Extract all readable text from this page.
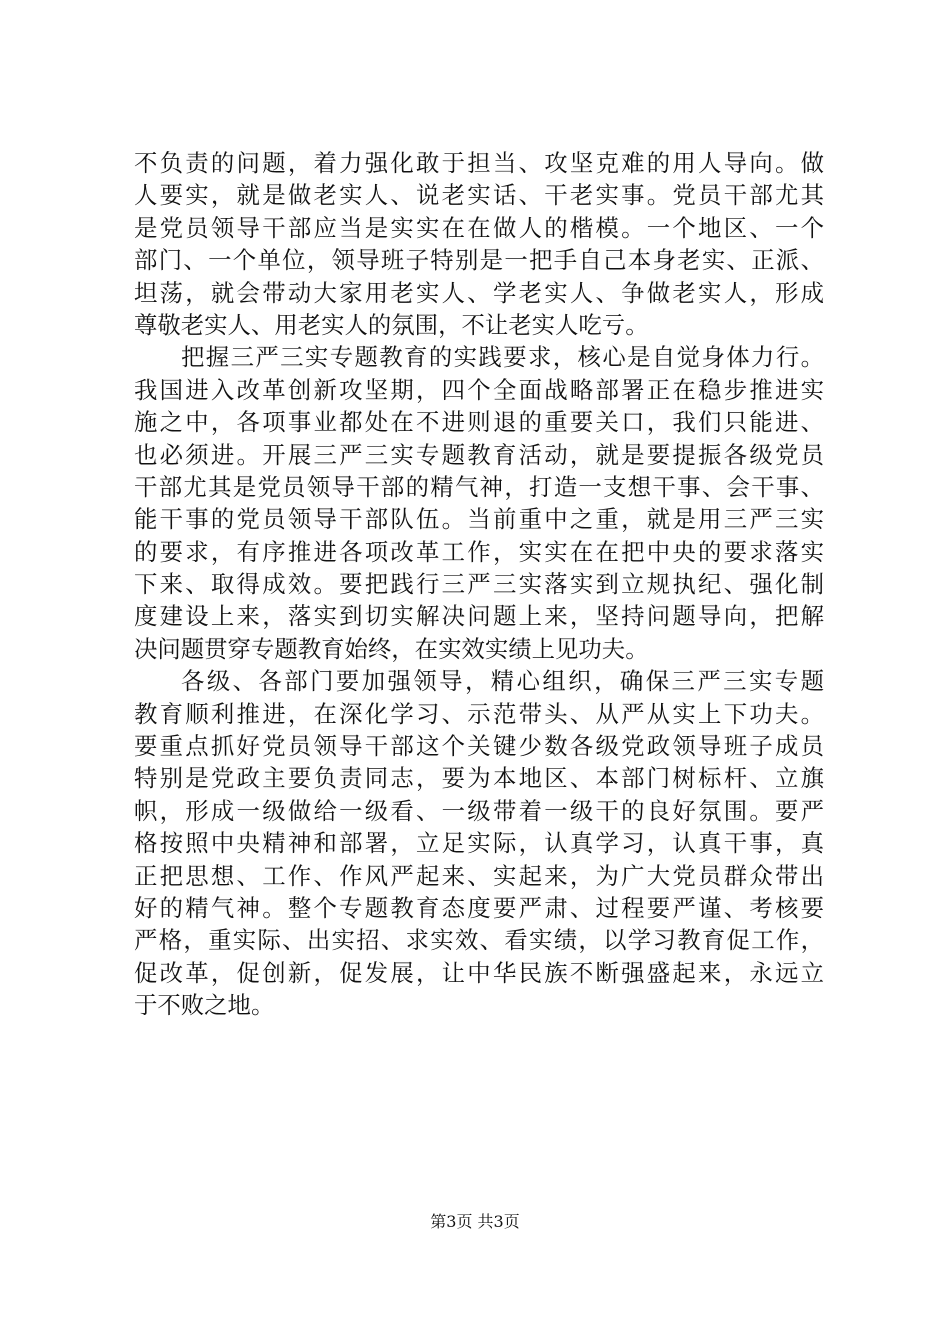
不负责的问题，着力强化敢于担当、攻坚克难的用人导向。做
人要实，就是做老实人、说老实话、干老实事。党员干部尤其
是党员领导干部应当是实实在在做人的楷模。一个地区、一个
部门、一个单位，领导班子特别是一把手自己本身老实、正派、
坦荡，就会带动大家用老实人、学老实人、争做老实人，形成
尊敬老实人、用老实人的氛围，不让老实人吃亏。
把握三严三实专题教育的实践要求，核心是自觉身体力行。
我国进入改革创新攻坚期，四个全面战略部署正在稳步推进实
施之中，各项事业都处在不进则退的重要关口，我们只能进、
也必须进。开展三严三实专题教育活动，就是要提振各级党员
干部尤其是党员领导干部的精气神，打造一支想干事、会干事、
能干事的党员领导干部队伍。当前重中之重，就是用三严三实
的要求，有序推进各项改革工作，实实在在把中央的要求落实
下来、取得成效。要把践行三严三实落实到立规执纪、强化制
度建设上来，落实到切实解决问题上来，坚持问题导向，把解
决问题贯穿专题教育始终，在实效实绩上见功夫。
各级、各部门要加强领导，精心组织，确保三严三实专题
教育顺利推进，在深化学习、示范带头、从严从实上下功夫。
要重点抓好党员领导干部这个关键少数各级党政领导班子成员
特别是党政主要负责同志，要为本地区、本部门树标杆、立旗
帜，形成一级做给一级看、一级带着一级干的良好氛围。要严
格按照中央精神和部署，立足实际，认真学习，认真干事，真
正把思想、工作、作风严起来、实起来，为广大党员群众带出
好的精气神。整个专题教育态度要严肃、过程要严谨、考核要
严格，重实际、出实招、求实效、看实绩，以学习教育促工作，
促改革，促创新，促发展，让中华民族不断强盛起来，永远立
于不败之地。
第3页 共3页
